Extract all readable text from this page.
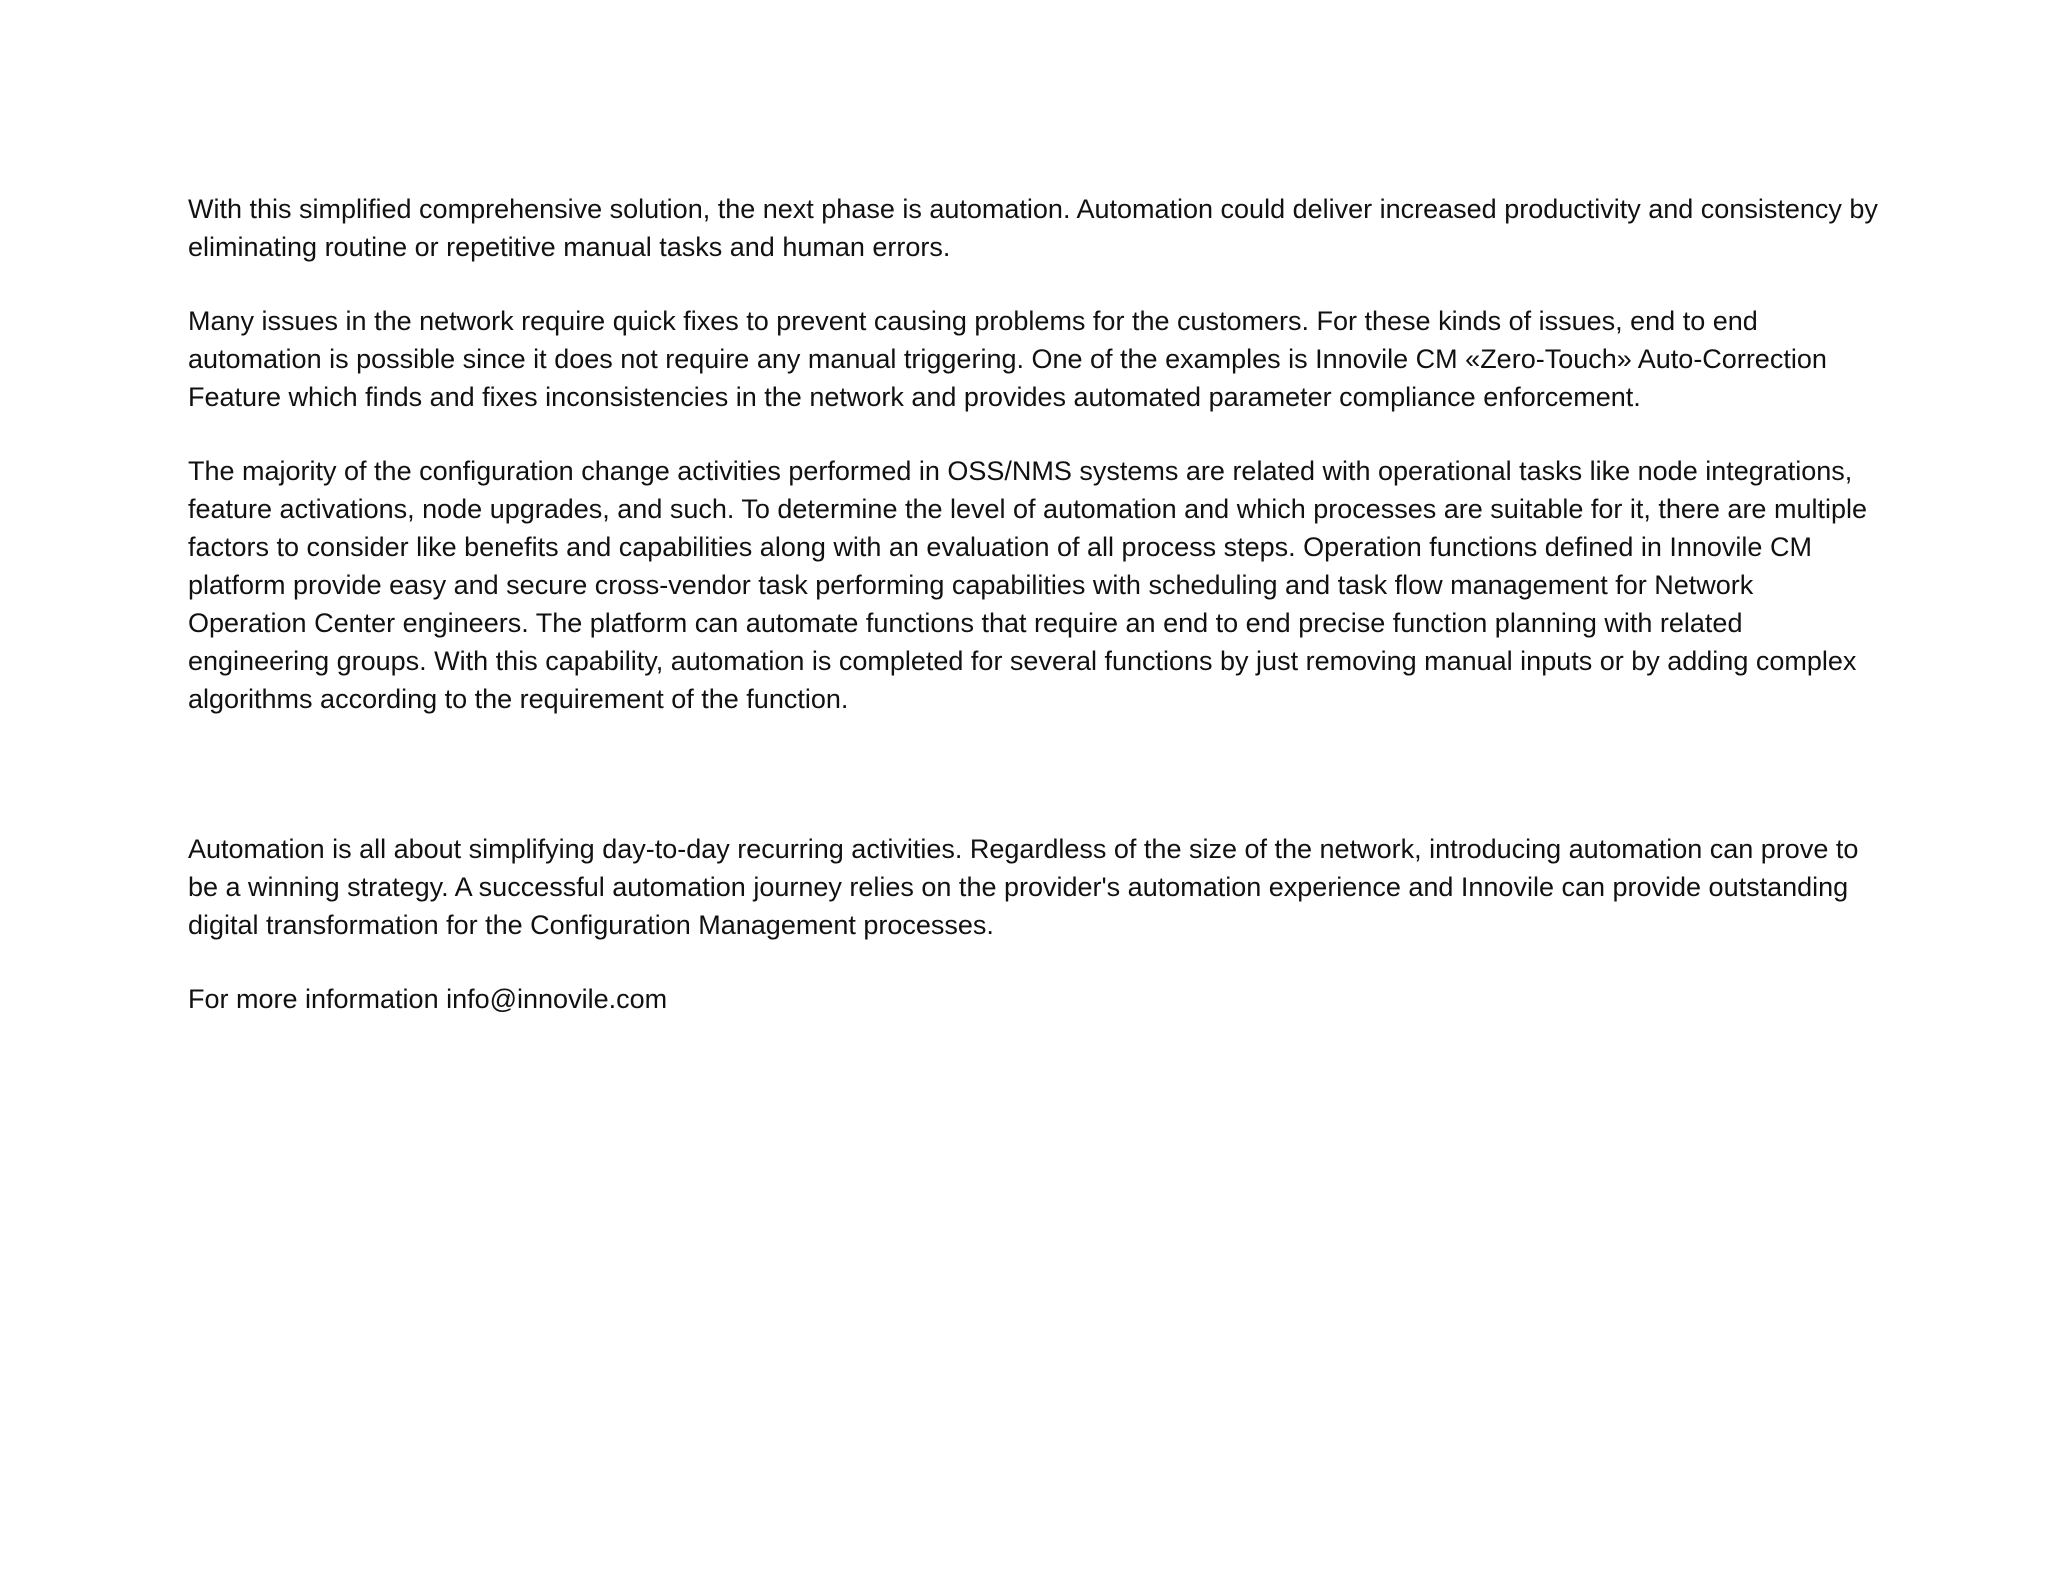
With this simplified comprehensive solution, the next phase is automation. Automation could deliver increased productivity and consistency by eliminating routine or repetitive manual tasks and human errors.

Many issues in the network require quick fixes to prevent causing problems for the customers. For these kinds of issues, end to end automation is possible since it does not require any manual triggering. One of the examples is Innovile CM «Zero-Touch» Auto-Correction Feature which finds and fixes inconsistencies in the network and provides automated parameter compliance enforcement.

The majority of the configuration change activities performed in OSS/NMS systems are related with operational tasks like node integrations, feature activations, node upgrades, and such. To determine the level of automation and which processes are suitable for it, there are multiple factors to consider like benefits and capabilities along with an evaluation of all process steps. Operation functions defined in Innovile CM platform provide easy and secure cross-vendor task performing capabilities with scheduling and task flow management for Network Operation Center engineers. The platform can automate functions that require an end to end precise function planning with related engineering groups. With this capability, automation is completed for several functions by just removing manual inputs or by adding complex algorithms according to the requirement of the function.

Automation is all about simplifying day-to-day recurring activities. Regardless of the size of the network, introducing automation can prove to be a winning strategy. A successful automation journey relies on the provider's automation experience and Innovile can provide outstanding digital transformation for the Configuration Management processes.

For more information info@innovile.com
